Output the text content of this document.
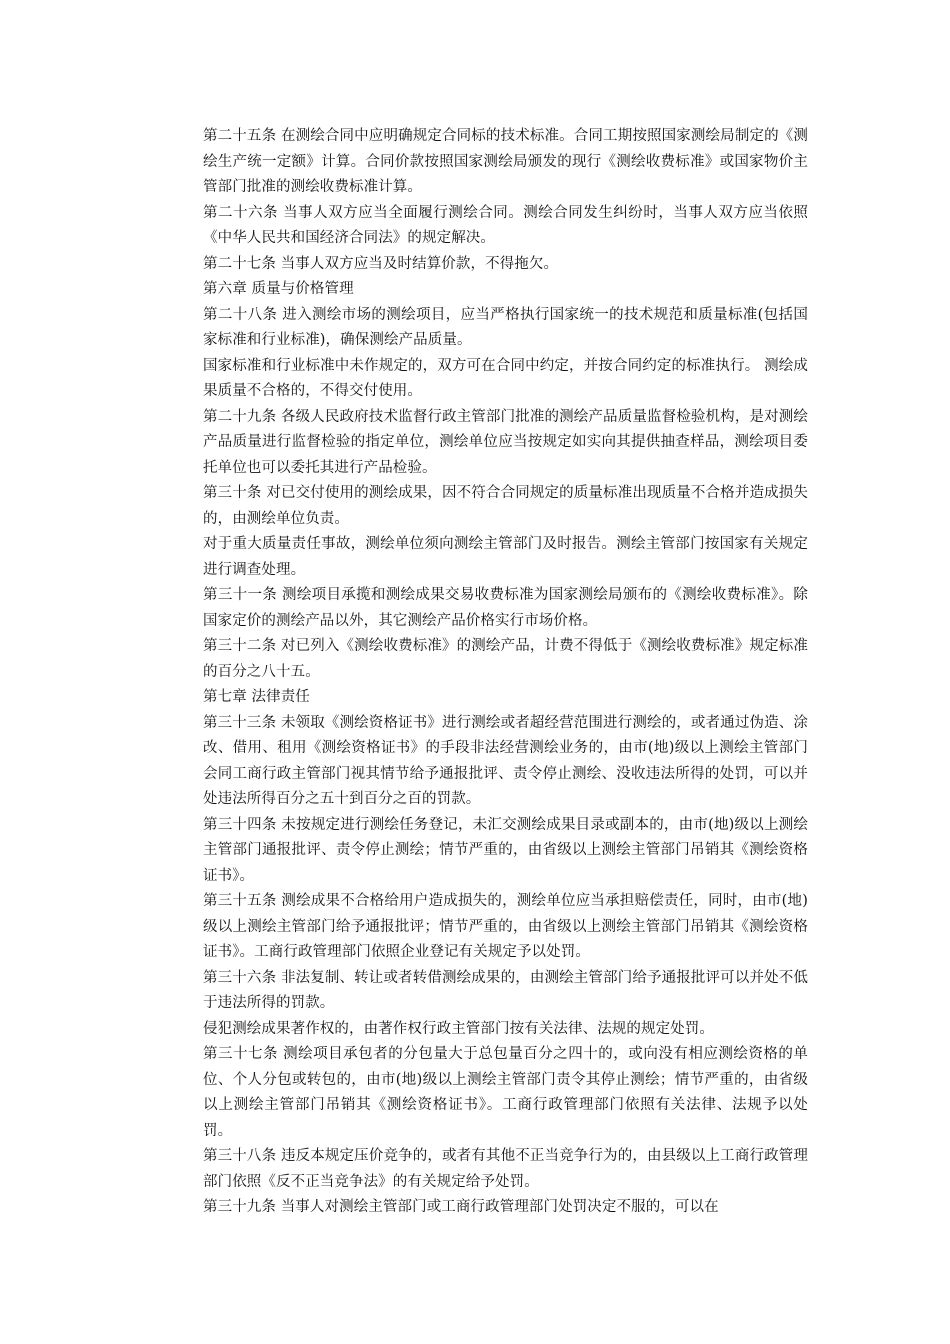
第二十五条 在测绘合同中应明确规定合同标的技术标准。合同工期按照国家测绘局制定的《测绘生产统一定额》计算。合同价款按照国家测绘局颁发的现行《测绘收费标准》或国家物价主管部门批准的测绘收费标准计算。

第二十六条 当事人双方应当全面履行测绘合同。测绘合同发生纠纷时，当事人双方应当依照《中华人民共和国经济合同法》的规定解决。

第二十七条 当事人双方应当及时结算价款，不得拖欠。

第六章 质量与价格管理

第二十八条 进入测绘市场的测绘项目，应当严格执行国家统一的技术规范和质量标准(包括国家标准和行业标准)，确保测绘产品质量。

国家标准和行业标准中未作规定的，双方可在合同中约定，并按合同约定的标准执行。 测绘成果质量不合格的，不得交付使用。

第二十九条 各级人民政府技术监督行政主管部门批准的测绘产品质量监督检验机构，是对测绘产品质量进行监督检验的指定单位，测绘单位应当按规定如实向其提供抽查样品，测绘项目委托单位也可以委托其进行产品检验。

第三十条 对已交付使用的测绘成果，因不符合合同规定的质量标准出现质量不合格并造成损失的，由测绘单位负责。

对于重大质量责任事故，测绘单位须向测绘主管部门及时报告。测绘主管部门按国家有关规定进行调查处理。

第三十一条 测绘项目承揽和测绘成果交易收费标准为国家测绘局颁布的《测绘收费标准》。除国家定价的测绘产品以外，其它测绘产品价格实行市场价格。

第三十二条 对已列入《测绘收费标准》的测绘产品，计费不得低于《测绘收费标准》规定标准的百分之八十五。

第七章 法律责任

第三十三条 未领取《测绘资格证书》进行测绘或者超经营范围进行测绘的，或者通过伪造、涂改、借用、租用《测绘资格证书》的手段非法经营测绘业务的，由市(地)级以上测绘主管部门会同工商行政主管部门视其情节给予通报批评、责令停止测绘、没收违法所得的处罚，可以并处违法所得百分之五十到百分之百的罚款。

第三十四条 未按规定进行测绘任务登记，未汇交测绘成果目录或副本的，由市(地)级以上测绘主管部门通报批评、责令停止测绘；情节严重的，由省级以上测绘主管部门吊销其《测绘资格证书》。

第三十五条 测绘成果不合格给用户造成损失的，测绘单位应当承担赔偿责任，同时，由市(地)级以上测绘主管部门给予通报批评；情节严重的，由省级以上测绘主管部门吊销其《测绘资格证书》。工商行政管理部门依照企业登记有关规定予以处罚。

第三十六条 非法复制、转让或者转借测绘成果的，由测绘主管部门给予通报批评可以并处不低于违法所得的罚款。

侵犯测绘成果著作权的，由著作权行政主管部门按有关法律、法规的规定处罚。

第三十七条 测绘项目承包者的分包量大于总包量百分之四十的，或向没有相应测绘资格的单位、个人分包或转包的，由市(地)级以上测绘主管部门责令其停止测绘；情节严重的，由省级以上测绘主管部门吊销其《测绘资格证书》。工商行政管理部门依照有关法律、法规予以处罚。

第三十八条 违反本规定压价竞争的，或者有其他不正当竞争行为的，由县级以上工商行政管理部门依照《反不正当竞争法》的有关规定给予处罚。

第三十九条 当事人对测绘主管部门或工商行政管理部门处罚决定不服的，可以在
